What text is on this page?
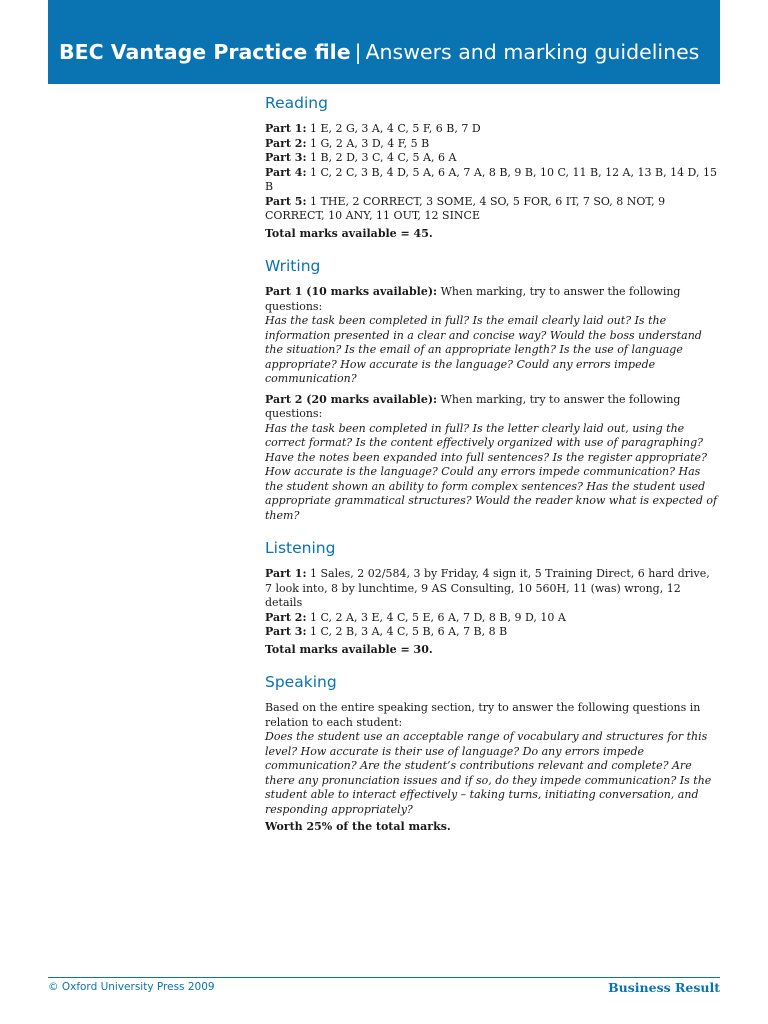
BEC Vantage Practice file | Answers and marking guidelines
Reading
Part 1: 1 E, 2 G, 3 A, 4 C, 5 F, 6 B, 7 D
Part 2: 1 G, 2 A, 3 D, 4 F, 5 B
Part 3: 1 B, 2 D, 3 C, 4 C, 5 A, 6 A
Part 4: 1 C, 2 C, 3 B, 4 D, 5 A, 6 A, 7 A, 8 B, 9 B, 10 C, 11 B, 12 A, 13 B, 14 D, 15 B
Part 5: 1 THE, 2 CORRECT, 3 SOME, 4 SO, 5 FOR, 6 IT, 7 SO, 8 NOT, 9 CORRECT, 10 ANY, 11 OUT, 12 SINCE
Total marks available = 45.
Writing
Part 1 (10 marks available): When marking, try to answer the following questions:
Has the task been completed in full? Is the email clearly laid out? Is the information presented in a clear and concise way? Would the boss understand the situation? Is the email of an appropriate length? Is the use of language appropriate? How accurate is the language? Could any errors impede communication?
Part 2 (20 marks available): When marking, try to answer the following questions:
Has the task been completed in full? Is the letter clearly laid out, using the correct format? Is the content effectively organized with use of paragraphing? Have the notes been expanded into full sentences? Is the register appropriate? How accurate is the language? Could any errors impede communication? Has the student shown an ability to form complex sentences? Has the student used appropriate grammatical structures? Would the reader know what is expected of them?
Listening
Part 1: 1 Sales, 2 02/584, 3 by Friday, 4 sign it, 5 Training Direct, 6 hard drive, 7 look into, 8 by lunchtime, 9 AS Consulting, 10 560H, 11 (was) wrong, 12 details
Part 2: 1 C, 2 A, 3 E, 4 C, 5 E, 6 A, 7 D, 8 B, 9 D, 10 A
Part 3: 1 C, 2 B, 3 A, 4 C, 5 B, 6 A, 7 B, 8 B
Total marks available = 30.
Speaking
Based on the entire speaking section, try to answer the following questions in relation to each student:
Does the student use an acceptable range of vocabulary and structures for this level? How accurate is their use of language? Do any errors impede communication? Are the student’s contributions relevant and complete? Are there any pronunciation issues and if so, do they impede communication? Is the student able to interact effectively – taking turns, initiating conversation, and responding appropriately?
Worth 25% of the total marks.
© Oxford University Press 2009	Business Result
